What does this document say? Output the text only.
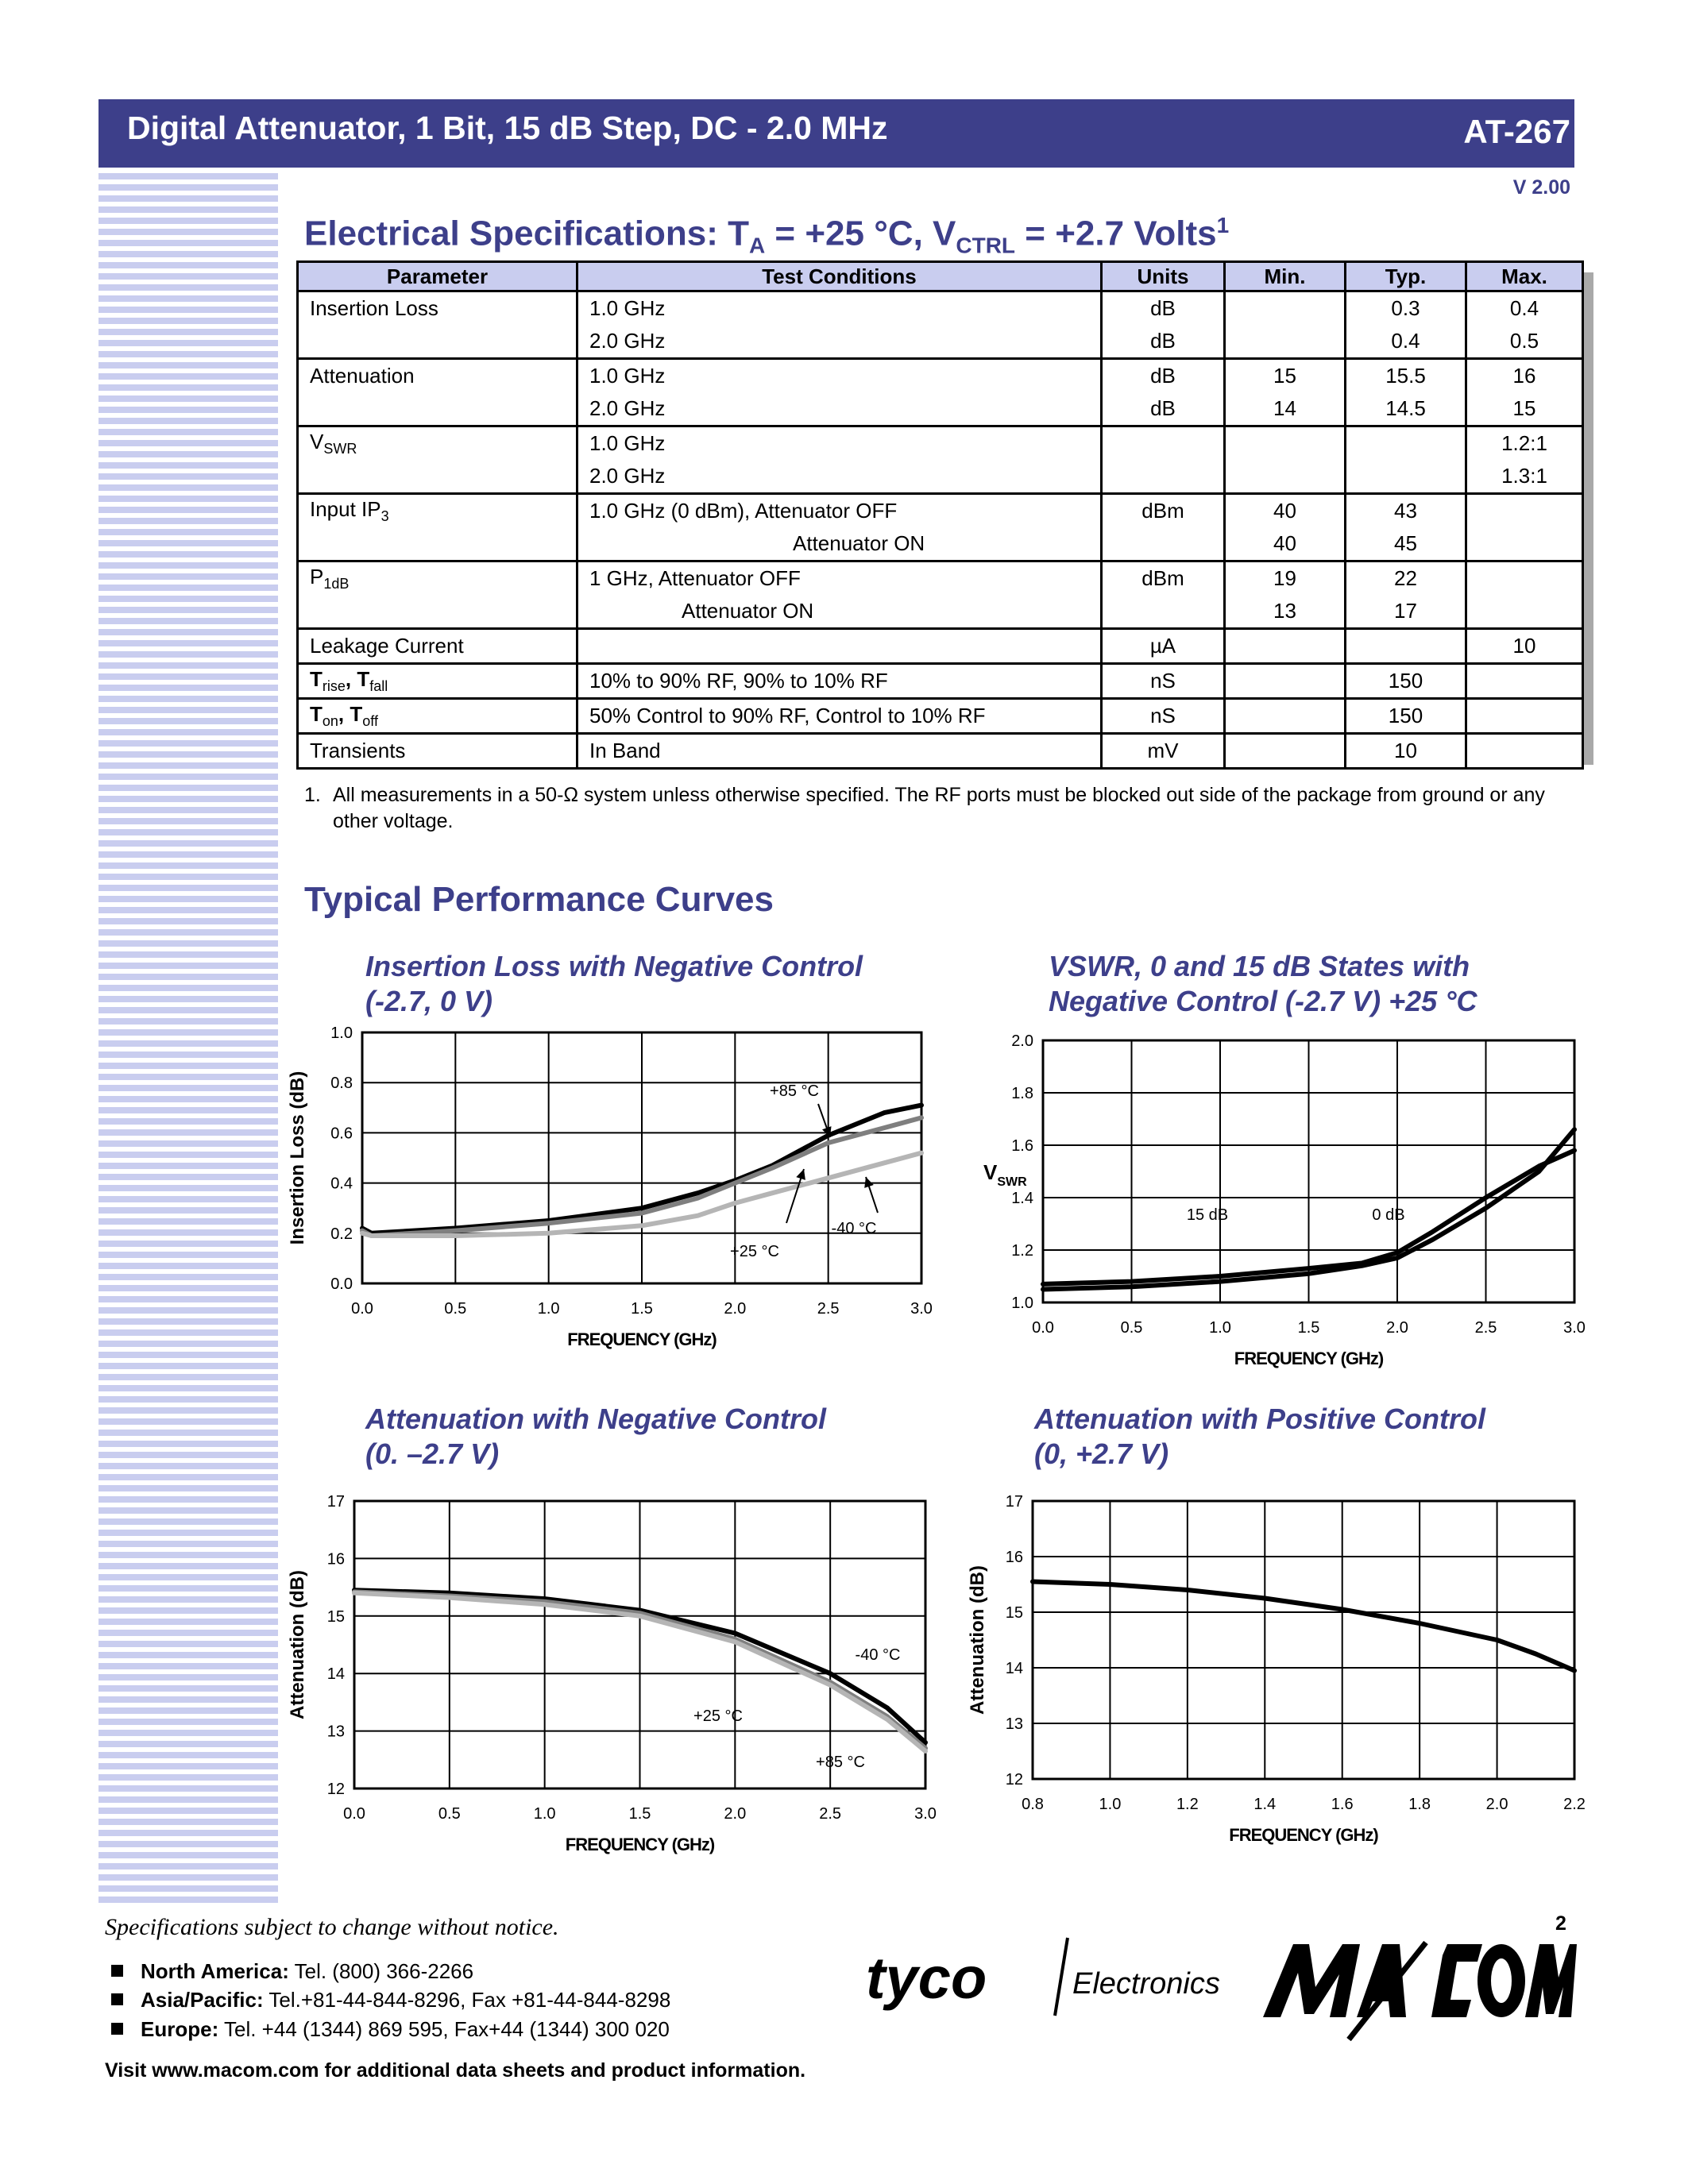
Digital Attenuator, 1 Bit, 15 dB Step, DC - 2.0 MHz	AT-267
V 2.00
Electrical Specifications: $T_A = +25$ °C, $V_{CTRL} = +2.7$ Volts$^1$
Parameter	Test Conditions	Units	Min.	Typ.	Max.
Insertion Loss	1.0 GHz	dB		0.3	0.4
	2.0 GHz	dB		0.4	0.5
Attenuation	1.0 GHz	dB	15	15.5	16
	2.0 GHz	dB	14	14.5	15
$V_{SWR}$	1.0 GHz				1.2:1
	2.0 GHz				1.3:1
Input $IP_3$	1.0 GHz (0 dBm), Attenuator OFF	dBm	40	43	
	Attenuator ON		40	45	
$P_{1dB}$	1 GHz, Attenuator OFF	dBm	19	22	
	Attenuator ON		13	17	
Leakage Current		µA			10
$T_{rise}$, $T_{fall}$	10% to 90% RF, 90% to 10% RF	nS		150	
$T_{on}$, $T_{off}$	50% Control to 90% RF, Control to 10% RF	nS		150	
Transients	In Band	mV		10	
1. All measurements in a 50-Ω system unless otherwise specified. The RF ports must be blocked out side of the package from ground or any other voltage.
Typical Performance Curves
Insertion Loss with Negative Control
(-2.7, 0 V)
VSWR, 0 and 15 dB States with
Negative Control (-2.7 V) +25 °C
Attenuation with Negative Control
(0. –2.7 V)
Attenuation with Positive Control
(0, +2.7 V)
0.0	0.5	1.0	1.5	2.0	2.5	3.0
0.0
0.2
0.4
0.6
0.8
1.0
FREQUENCY (GHz)
Insertion Loss (dB)	+85 °C
+25 °C
-40 °C
0.0	0.5	1.0	1.5	2.0	2.5	3.0
1.0
1.2
1.4
1.6
1.8
2.0
FREQUENCY (GHz)
$V_{SWR}$
15 dB	0 dB
0.0	0.5	1.0	1.5	2.0	2.5	3.0
12
13
14
15
16
17
FREQUENCY (GHz)
Attenuation (dB)	-40 °C
+25 °C
+85 °C
0.8	1.0	1.2	1.4	1.6	1.8	2.0	2.2
12
13
14
15
16
17
FREQUENCY (GHz)
Attenuation (dB)
Specifications subject to change without notice.	2
North America: Tel. (800) 366-2266
Asia/Pacific: Tel.+81-44-844-8296, Fax +81-44-844-8298
Europe: Tel. +44 (1344) 869 595, Fax+44 (1344) 300 020
Visit www.macom.com for additional data sheets and product information.
tyco	Electronics
